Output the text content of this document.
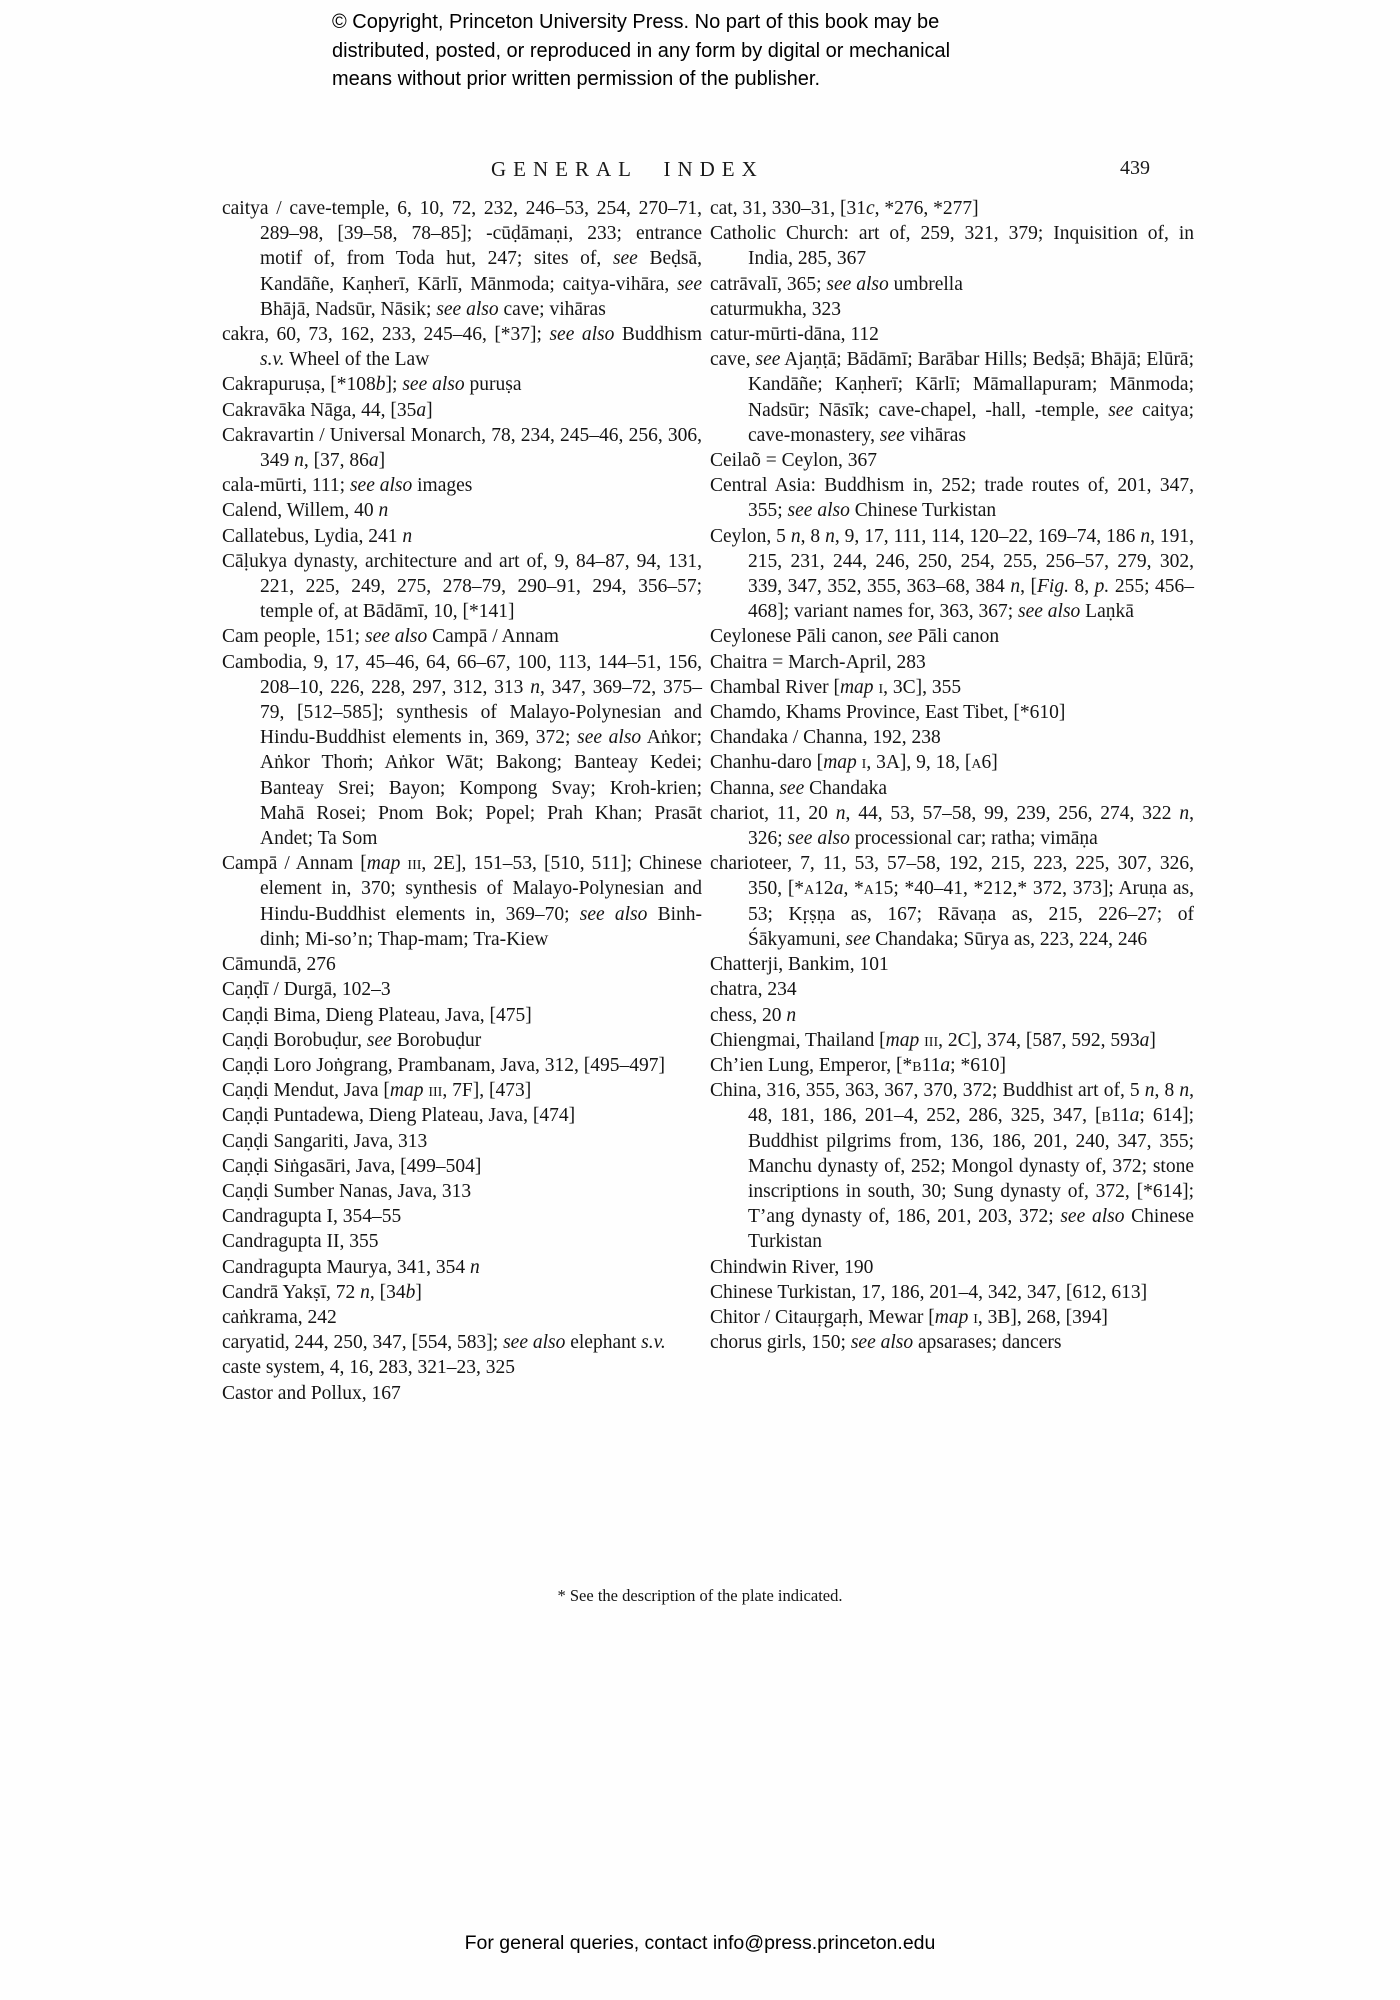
© Copyright, Princeton University Press. No part of this book may be
distributed, posted, or reproduced in any form by digital or mechanical
means without prior written permission of the publisher.
GENERAL INDEX	439

caitya / cave-temple, 6, 10, 72, 232, 246–53, 254, 270–71, 289–98, [39–58, 78–85]; -cūḍāmaṇi, 233; entrance motif of, from Toda hut, 247; sites of, see Beḍsā, Kandāñe, Kaṇherī, Kārlī, Mānmoda; caitya-vihāra, see Bhājā, Nadsūr, Nāsik; see also cave; vihāras

cakra, 60, 73, 162, 233, 245–46, [*37]; see also Buddhism s.v. Wheel of the Law

Cakrapuruṣa, [*108b]; see also puruṣa

Cakravāka Nāga, 44, [35a]

Cakravartin / Universal Monarch, 78, 234, 245–46, 256, 306, 349 n, [37, 86a]

cala-mūrti, 111; see also images

Calend, Willem, 40 n

Callatebus, Lydia, 241 n

Cāḷukya dynasty, architecture and art of, 9, 84–87, 94, 131, 221, 225, 249, 275, 278–79, 290–91, 294, 356–57; temple of, at Bādāmī, 10, [*141]

Cam people, 151; see also Campā / Annam

Cambodia, 9, 17, 45–46, 64, 66–67, 100, 113, 144–51, 156, 208–10, 226, 228, 297, 312, 313 n, 347, 369–72, 375–79, [512–585]; synthesis of Malayo-Polynesian and Hindu-Buddhist elements in, 369, 372; see also Aṅkor; Aṅkor Thoṁ; Aṅkor Wāt; Bakong; Banteay Kedei; Banteay Srei; Bayon; Kompong Svay; Kroh-krien; Mahā Rosei; Pnom Bok; Popel; Prah Khan; Prasāt Andet; Ta Som

Campā / Annam [map iii, 2E], 151–53, [510, 511]; Chinese element in, 370; synthesis of Malayo-Polynesian and Hindu-Buddhist elements in, 369–70; see also Binh-dinh; Mi-so’n; Thap-mam; Tra-Kiew

Cāmundā, 276

Caṇḍī / Durgā, 102–3

Caṇḍi Bima, Dieng Plateau, Java, [475]

Caṇḍi Borobuḍur, see Borobuḍur

Caṇḍi Loro Joṅgrang, Prambanam, Java, 312, [495–497]

Caṇḍi Mendut, Java [map iii, 7F], [473]

Caṇḍi Puntadewa, Dieng Plateau, Java, [474]

Caṇḍi Sangariti, Java, 313

Caṇḍi Siṅgasāri, Java, [499–504]

Caṇḍi Sumber Nanas, Java, 313

Candragupta I, 354–55

Candragupta II, 355

Candragupta Maurya, 341, 354 n

Candrā Yakṣī, 72 n, [34b]

caṅkrama, 242

caryatid, 244, 250, 347, [554, 583]; see also elephant s.v.

caste system, 4, 16, 283, 321–23, 325

Castor and Pollux, 167

cat, 31, 330–31, [31c, *276, *277]

Catholic Church: art of, 259, 321, 379; Inquisition of, in India, 285, 367

catrāvalī, 365; see also umbrella

caturmukha, 323

catur-mūrti-dāna, 112

cave, see Ajaṇṭā; Bādāmī; Barābar Hills; Bedṣā; Bhājā; Elūrā; Kandāñe; Kaṇherī; Kārlī; Māmallapuram; Mānmoda; Nadsūr; Nāsīk; cave-chapel, -hall, -temple, see caitya; cave-monastery, see vihāras

Ceilaõ = Ceylon, 367

Central Asia: Buddhism in, 252; trade routes of, 201, 347, 355; see also Chinese Turkistan

Ceylon, 5 n, 8 n, 9, 17, 111, 114, 120–22, 169–74, 186 n, 191, 215, 231, 244, 246, 250, 254, 255, 256–57, 279, 302, 339, 347, 352, 355, 363–68, 384 n, [Fig. 8, p. 255; 456–468]; variant names for, 363, 367; see also Laṇkā

Ceylonese Pāli canon, see Pāli canon

Chaitra = March-April, 283

Chambal River [map i, 3C], 355

Chamdo, Khams Province, East Tibet, [*610]

Chandaka / Channa, 192, 238

Chanhu-daro [map i, 3A], 9, 18, [a6]

Channa, see Chandaka

chariot, 11, 20 n, 44, 53, 57–58, 99, 239, 256, 274, 322 n, 326; see also processional car; ratha; vimāṇa

charioteer, 7, 11, 53, 57–58, 192, 215, 223, 225, 307, 326, 350, [*a12a, *a15; *40–41, *212,* 372, 373]; Aruṇa as, 53; Kṛṣṇa as, 167; Rāvaṇa as, 215, 226–27; of Śākyamuni, see Chandaka; Sūrya as, 223, 224, 246

Chatterji, Bankim, 101

chatra, 234

chess, 20 n

Chiengmai, Thailand [map iii, 2C], 374, [587, 592, 593a]

Ch’ien Lung, Emperor, [*b11a; *610]

China, 316, 355, 363, 367, 370, 372; Buddhist art of, 5 n, 8 n, 48, 181, 186, 201–4, 252, 286, 325, 347, [b11a; 614]; Buddhist pilgrims from, 136, 186, 201, 240, 347, 355; Manchu dynasty of, 252; Mongol dynasty of, 372; stone inscriptions in south, 30; Sung dynasty of, 372, [*614]; T’ang dynasty of, 186, 201, 203, 372; see also Chinese Turkistan

Chindwin River, 190

Chinese Turkistan, 17, 186, 201–4, 342, 347, [612, 613]

Chitor / Citauṛgaṛh, Mewar [map i, 3B], 268, [394]

chorus girls, 150; see also apsarases; dancers

* See the description of the plate indicated.
For general queries, contact info@press.princeton.edu
